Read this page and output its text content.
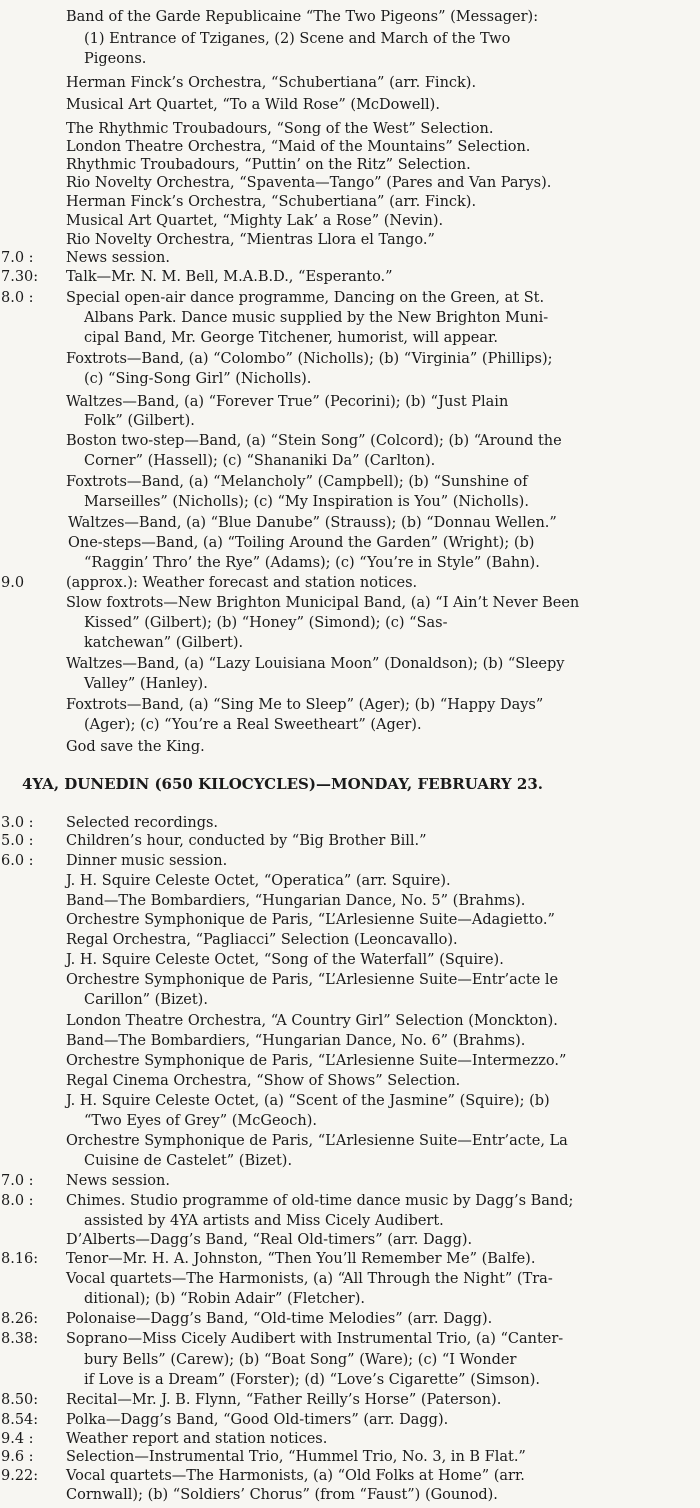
Band of the Garde Republicaine “The Two Pigeons” (Messager):
(1) Entrance of Tziganes, (2) Scene and March of the Two
Pigeons.
Herman Finck’s Orchestra, “Schubertiana” (arr. Finck).
Musical Art Quartet, “To a Wild Rose” (McDowell).
The Rhythmic Troubadours, “Song of the West” Selection.
London Theatre Orchestra, “Maid of the Mountains” Selection.
Rhythmic Troubadours, “Puttin’ on the Ritz” Selection.
Rio Novelty Orchestra, “Spaventa—Tango” (Pares and Van Parys).
Herman Finck’s Orchestra, “Schubertiana” (arr. Finck).
Musical Art Quartet, “Mighty Lak’ a Rose” (Nevin).
Rio Novelty Orchestra, “Mientras Llora el Tango.”
7.0 : News session.
7.30: Talk—Mr. N. M. Bell, M.A.B.D., “Esperanto.”
8.0 : Special open-air dance programme, Dancing on the Green, at St.
Albans Park. Dance music supplied by the New Brighton Muni-
cipal Band, Mr. George Titchener, humorist, will appear.
Foxtrots—Band, (a) “Colombo” (Nicholls); (b) “Virginia” (Phillips);
(c) “Sing-Song Girl” (Nicholls).
Waltzes—Band, (a) “Forever True” (Pecorini); (b) “Just Plain
Folk” (Gilbert).
Boston two-step—Band, (a) “Stein Song” (Colcord); (b) “Around the
Corner” (Hassell); (c) “Shananiki Da” (Carlton).
Foxtrots—Band, (a) “Melancholy” (Campbell); (b) “Sunshine of
Marseilles” (Nicholls); (c) “My Inspiration is You” (Nicholls).
Waltzes—Band, (a) “Blue Danube” (Strauss); (b) “Donnau Wellen.”
One-steps—Band, (a) “Toiling Around the Garden” (Wright); (b)
“Raggin’ Thro’ the Rye” (Adams); (c) “You’re in Style” (Bahn).
9.0	(approx.): Weather forecast and station notices.
Slow foxtrots—New Brighton Municipal Band, (a) “I Ain’t Never Been
Kissed” (Gilbert); (b) “Honey” (Simond); (c) “Sas-
katchewan” (Gilbert).
Waltzes—Band, (a) “Lazy Louisiana Moon” (Donaldson); (b) “Sleepy
Valley” (Hanley).
Foxtrots—Band, (a) “Sing Me to Sleep” (Ager); (b) “Happy Days”
(Ager); (c) “You’re a Real Sweetheart” (Ager).
God save the King.
4YA, DUNEDIN (650 KILOCYCLES)—MONDAY, FEBRUARY 23.
3.0 : Selected recordings.
5.0 : Children’s hour, conducted by “Big Brother Bill.”
6.0 : Dinner music session.
J. H. Squire Celeste Octet, “Operatica” (arr. Squire).
Band—The Bombardiers, “Hungarian Dance, No. 5” (Brahms).
Orchestre Symphonique de Paris, “L’Arlesienne Suite—Adagietto.”
Regal Orchestra, “Pagliacci” Selection (Leoncavallo).
J. H. Squire Celeste Octet, “Song of the Waterfall” (Squire).
Orchestre Symphonique de Paris, “L’Arlesienne Suite—Entr’acte le
Carillon” (Bizet).
London Theatre Orchestra, “A Country Girl” Selection (Monckton).
Band—The Bombardiers, “Hungarian Dance, No. 6” (Brahms).
Orchestre Symphonique de Paris, “L’Arlesienne Suite—Intermezzo.”
Regal Cinema Orchestra, “Show of Shows” Selection.
J. H. Squire Celeste Octet, (a) “Scent of the Jasmine” (Squire); (b)
“Two Eyes of Grey” (McGeoch).
Orchestre Symphonique de Paris, “L’Arlesienne Suite—Entr’acte, La
Cuisine de Castelet” (Bizet).
7.0 : News session.
8.0 : Chimes. Studio programme of old-time dance music by Dagg’s Band;
assisted by 4YA artists and Miss Cicely Audibert.
D’Alberts—Dagg’s Band, “Real Old-timers” (arr. Dagg).
8.16: Tenor—Mr. H. A. Johnston, “Then You’ll Remember Me” (Balfe).
Vocal quartets—The Harmonists, (a) “All Through the Night” (Tra-
ditional); (b) “Robin Adair” (Fletcher).
8.26: Polonaise—Dagg’s Band, “Old-time Melodies” (arr. Dagg).
8.38: Soprano—Miss Cicely Audibert with Instrumental Trio, (a) “Canter-
bury Bells” (Carew); (b) “Boat Song” (Ware); (c) “I Wonder
if Love is a Dream” (Forster); (d) “Love’s Cigarette” (Simson).
8.50: Recital—Mr. J. B. Flynn, “Father Reilly’s Horse” (Paterson).
8.54: Polka—Dagg’s Band, “Good Old-timers” (arr. Dagg).
9.4 : Weather report and station notices.
9.6 : Selection—Instrumental Trio, “Hummel Trio, No. 3, in B Flat.”
9.22: Vocal quartets—The Harmonists, (a) “Old Folks at Home” (arr.
Cornwall); (b) “Soldiers’ Chorus” (from “Faust”) (Gounod).
